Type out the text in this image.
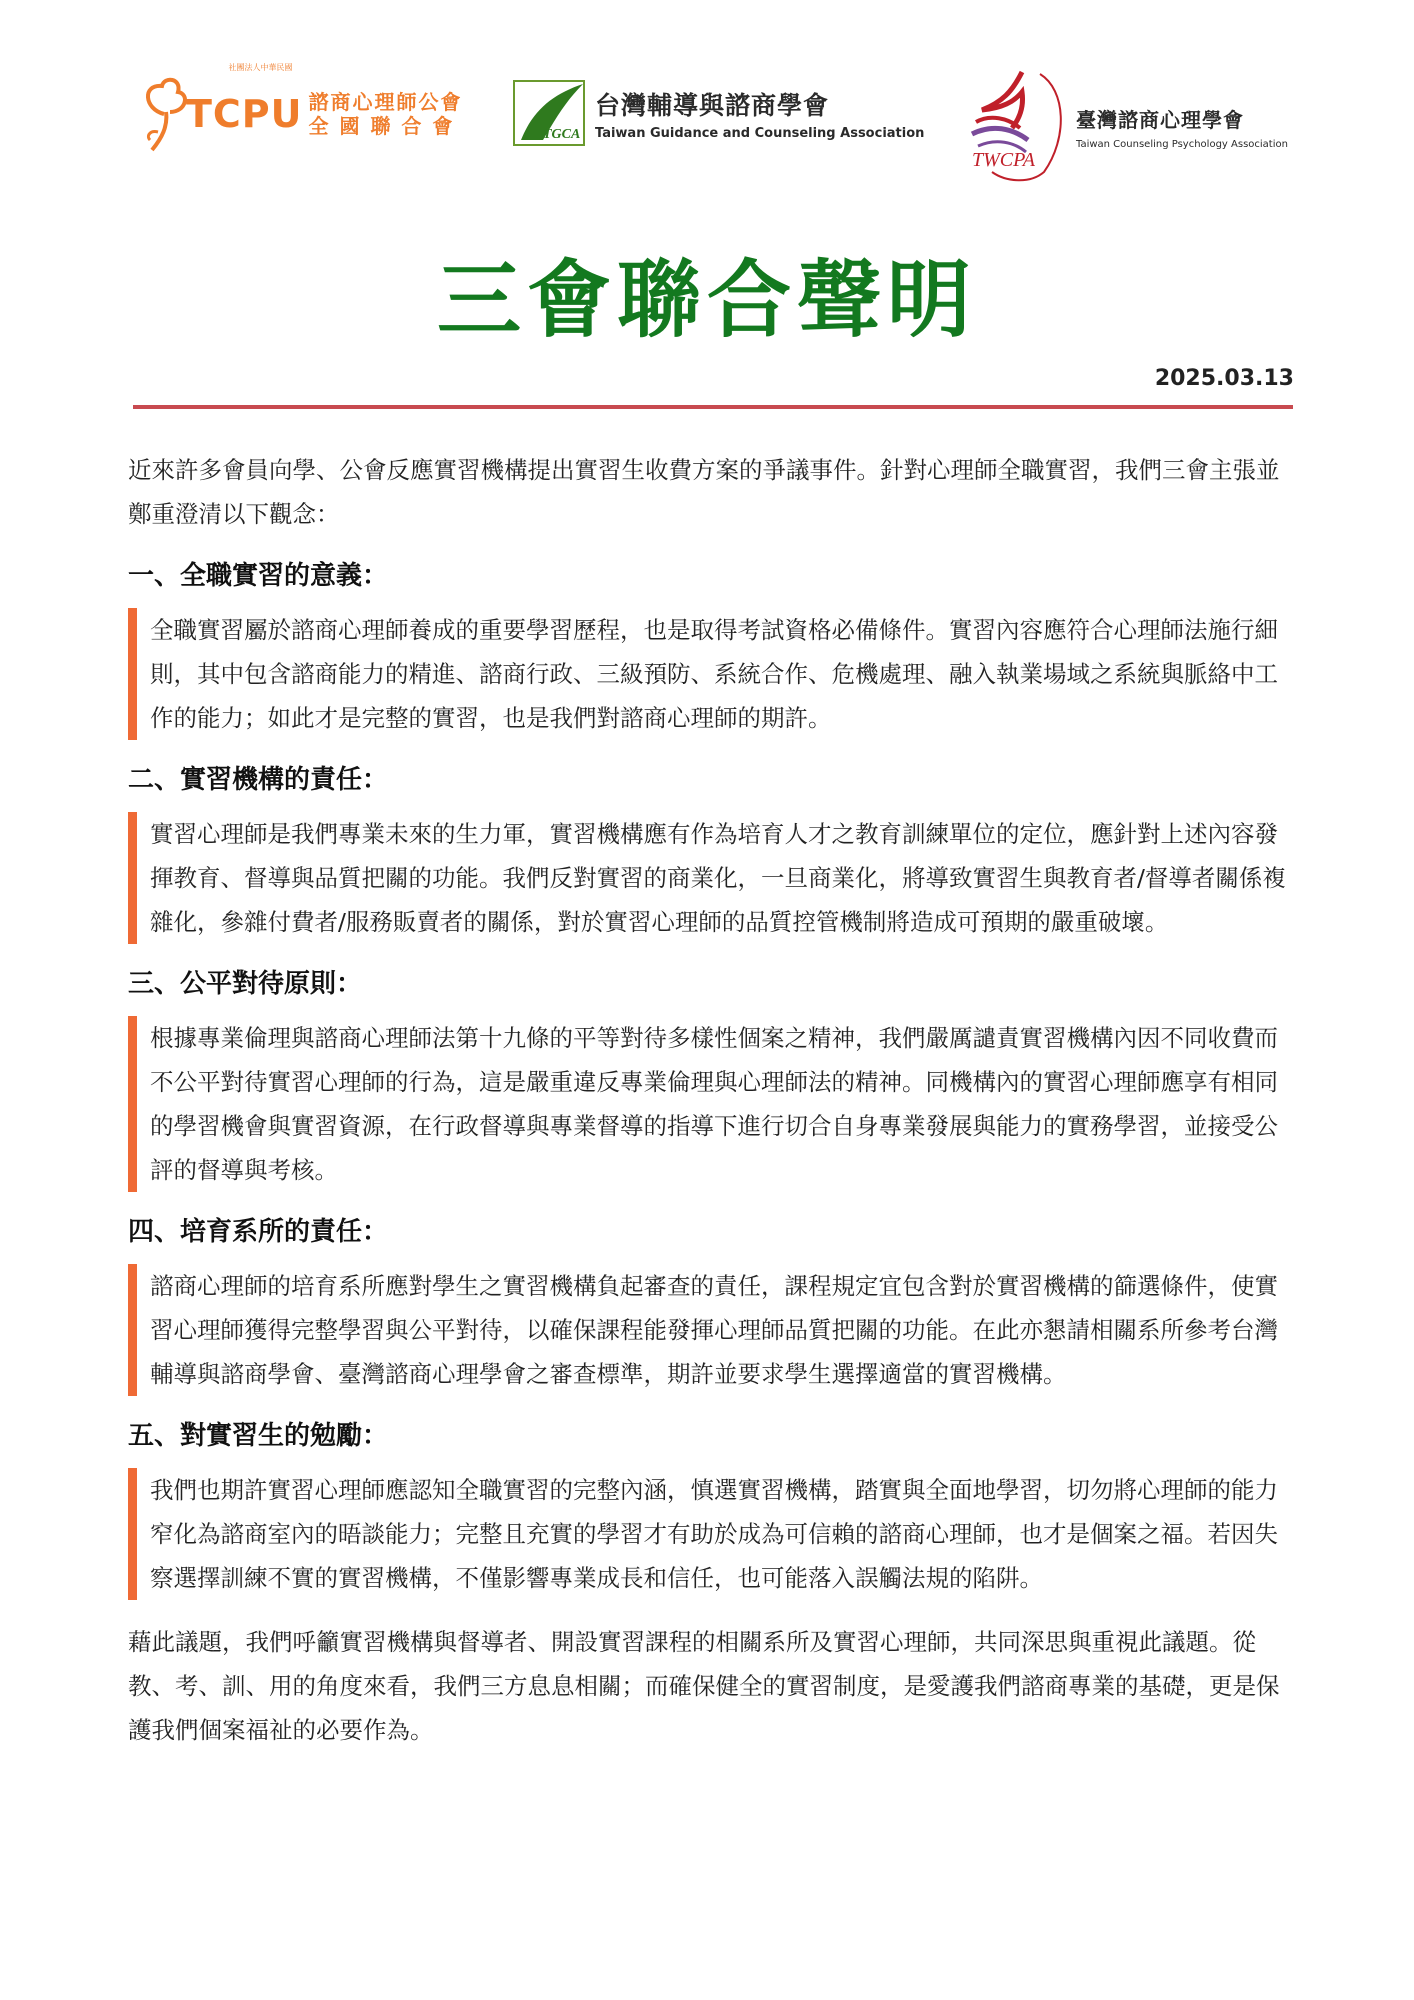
TCPU
社團法人中華民國
諮商心理師公會
全 國 聯 合 會	TGCA
台灣輔導與諮商學會
Taiwan Guidance and Counseling Association
TWCPA
臺灣諮商心理學會
Taiwan Counseling Psychology Association
三會聯合聲明
2025.03.13

近來許多會員向學、公會反應實習機構提出實習生收費方案的爭議事件。針對心理師全職實習，我們三會主張並鄭重澄清以下觀念：

一、全職實習的意義：

全職實習屬於諮商心理師養成的重要學習歷程，也是取得考試資格必備條件。實習內容應符合心理師法施行細則，其中包含諮商能力的精進、諮商行政、三級預防、系統合作、危機處理、融入執業場域之系統與脈絡中工作的能力；如此才是完整的實習，也是我們對諮商心理師的期許。

二、實習機構的責任：

實習心理師是我們專業未來的生力軍，實習機構應有作為培育人才之教育訓練單位的定位，應針對上述內容發揮教育、督導與品質把關的功能。我們反對實習的商業化，一旦商業化，將導致實習生與教育者/督導者關係複雜化，參雜付費者/服務販賣者的關係，對於實習心理師的品質控管機制將造成可預期的嚴重破壞。

三、公平對待原則：

根據專業倫理與諮商心理師法第十九條的平等對待多樣性個案之精神，我們嚴厲譴責實習機構內因不同收費而不公平對待實習心理師的行為，這是嚴重違反專業倫理與心理師法的精神。同機構內的實習心理師應享有相同的學習機會與實習資源，在行政督導與專業督導的指導下進行切合自身專業發展與能力的實務學習，並接受公評的督導與考核。

四、培育系所的責任：

諮商心理師的培育系所應對學生之實習機構負起審查的責任，課程規定宜包含對於實習機構的篩選條件，使實習心理師獲得完整學習與公平對待，以確保課程能發揮心理師品質把關的功能。在此亦懇請相關系所參考台灣輔導與諮商學會、臺灣諮商心理學會之審查標準，期許並要求學生選擇適當的實習機構。

五、對實習生的勉勵：

我們也期許實習心理師應認知全職實習的完整內涵，慎選實習機構，踏實與全面地學習，切勿將心理師的能力窄化為諮商室內的晤談能力；完整且充實的學習才有助於成為可信賴的諮商心理師，也才是個案之福。若因失察選擇訓練不實的實習機構，不僅影響專業成長和信任，也可能落入誤觸法規的陷阱。

藉此議題，我們呼籲實習機構與督導者、開設實習課程的相關系所及實習心理師，共同深思與重視此議題。從教、考、訓、用的角度來看，我們三方息息相關；而確保健全的實習制度，是愛護我們諮商專業的基礎，更是保護我們個案福祉的必要作為。
